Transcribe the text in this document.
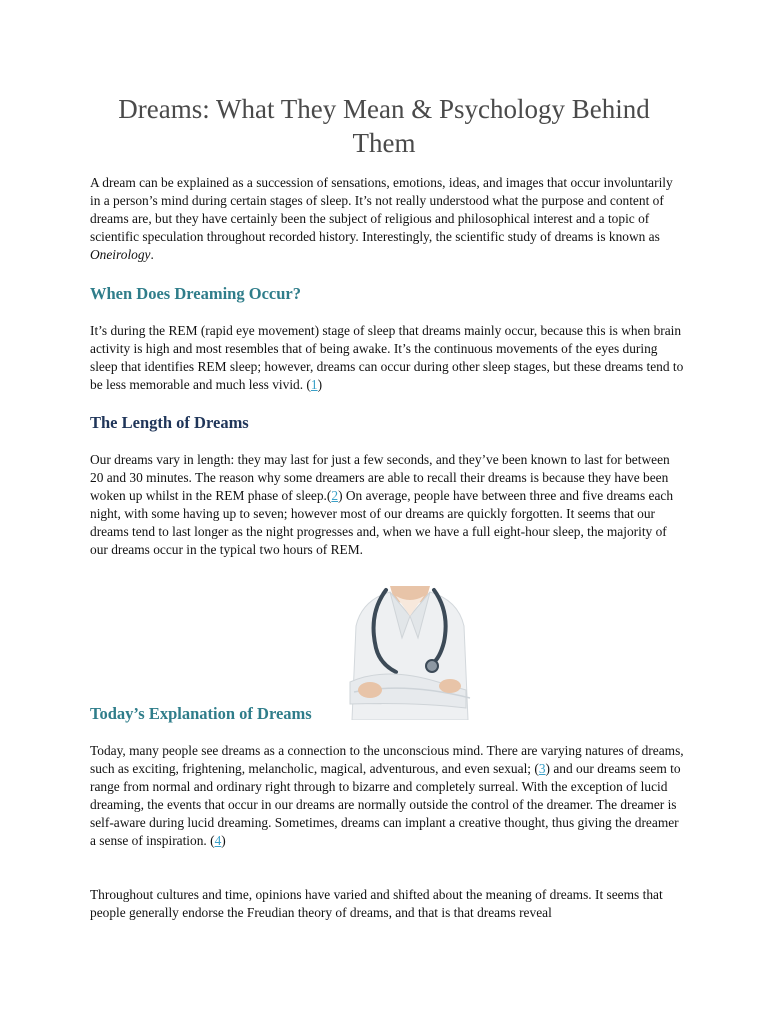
Dreams: What They Mean & Psychology Behind Them

A dream can be explained as a succession of sensations, emotions, ideas, and images that occur involuntarily in a person’s mind during certain stages of sleep. It’s not really understood what the purpose and content of dreams are, but they have certainly been the subject of religious and philosophical interest and a topic of scientific speculation throughout recorded history. Interestingly, the scientific study of dreams is known as Oneirology.

When Does Dreaming Occur?

It’s during the REM (rapid eye movement) stage of sleep that dreams mainly occur, because this is when brain activity is high and most resembles that of being awake. It’s the continuous movements of the eyes during sleep that identifies REM sleep; however, dreams can occur during other sleep stages, but these dreams tend to be less memorable and much less vivid. (1)

The Length of Dreams

Our dreams vary in length: they may last for just a few seconds, and they’ve been known to last for between 20 and 30 minutes. The reason why some dreamers are able to recall their dreams is because they have been woken up whilst in the REM phase of sleep.(2) On average, people have between three and five dreams each night, with some having up to seven; however most of our dreams are quickly forgotten. It seems that our dreams tend to last longer as the night progresses and, when we have a full eight-hour sleep, the majority of our dreams occur in the typical two hours of REM.

Today’s Explanation of Dreams

Today, many people see dreams as a connection to the unconscious mind. There are varying natures of dreams, such as exciting, frightening, melancholic, magical, adventurous, and even sexual; (3) and our dreams seem to range from normal and ordinary right through to bizarre and completely surreal. With the exception of lucid dreaming, the events that occur in our dreams are normally outside the control of the dreamer. The dreamer is self-aware during lucid dreaming. Sometimes, dreams can implant a creative thought, thus giving the dreamer a sense of inspiration. (4)

Throughout cultures and time, opinions have varied and shifted about the meaning of dreams. It seems that people generally endorse the Freudian theory of dreams, and that is that dreams reveal
